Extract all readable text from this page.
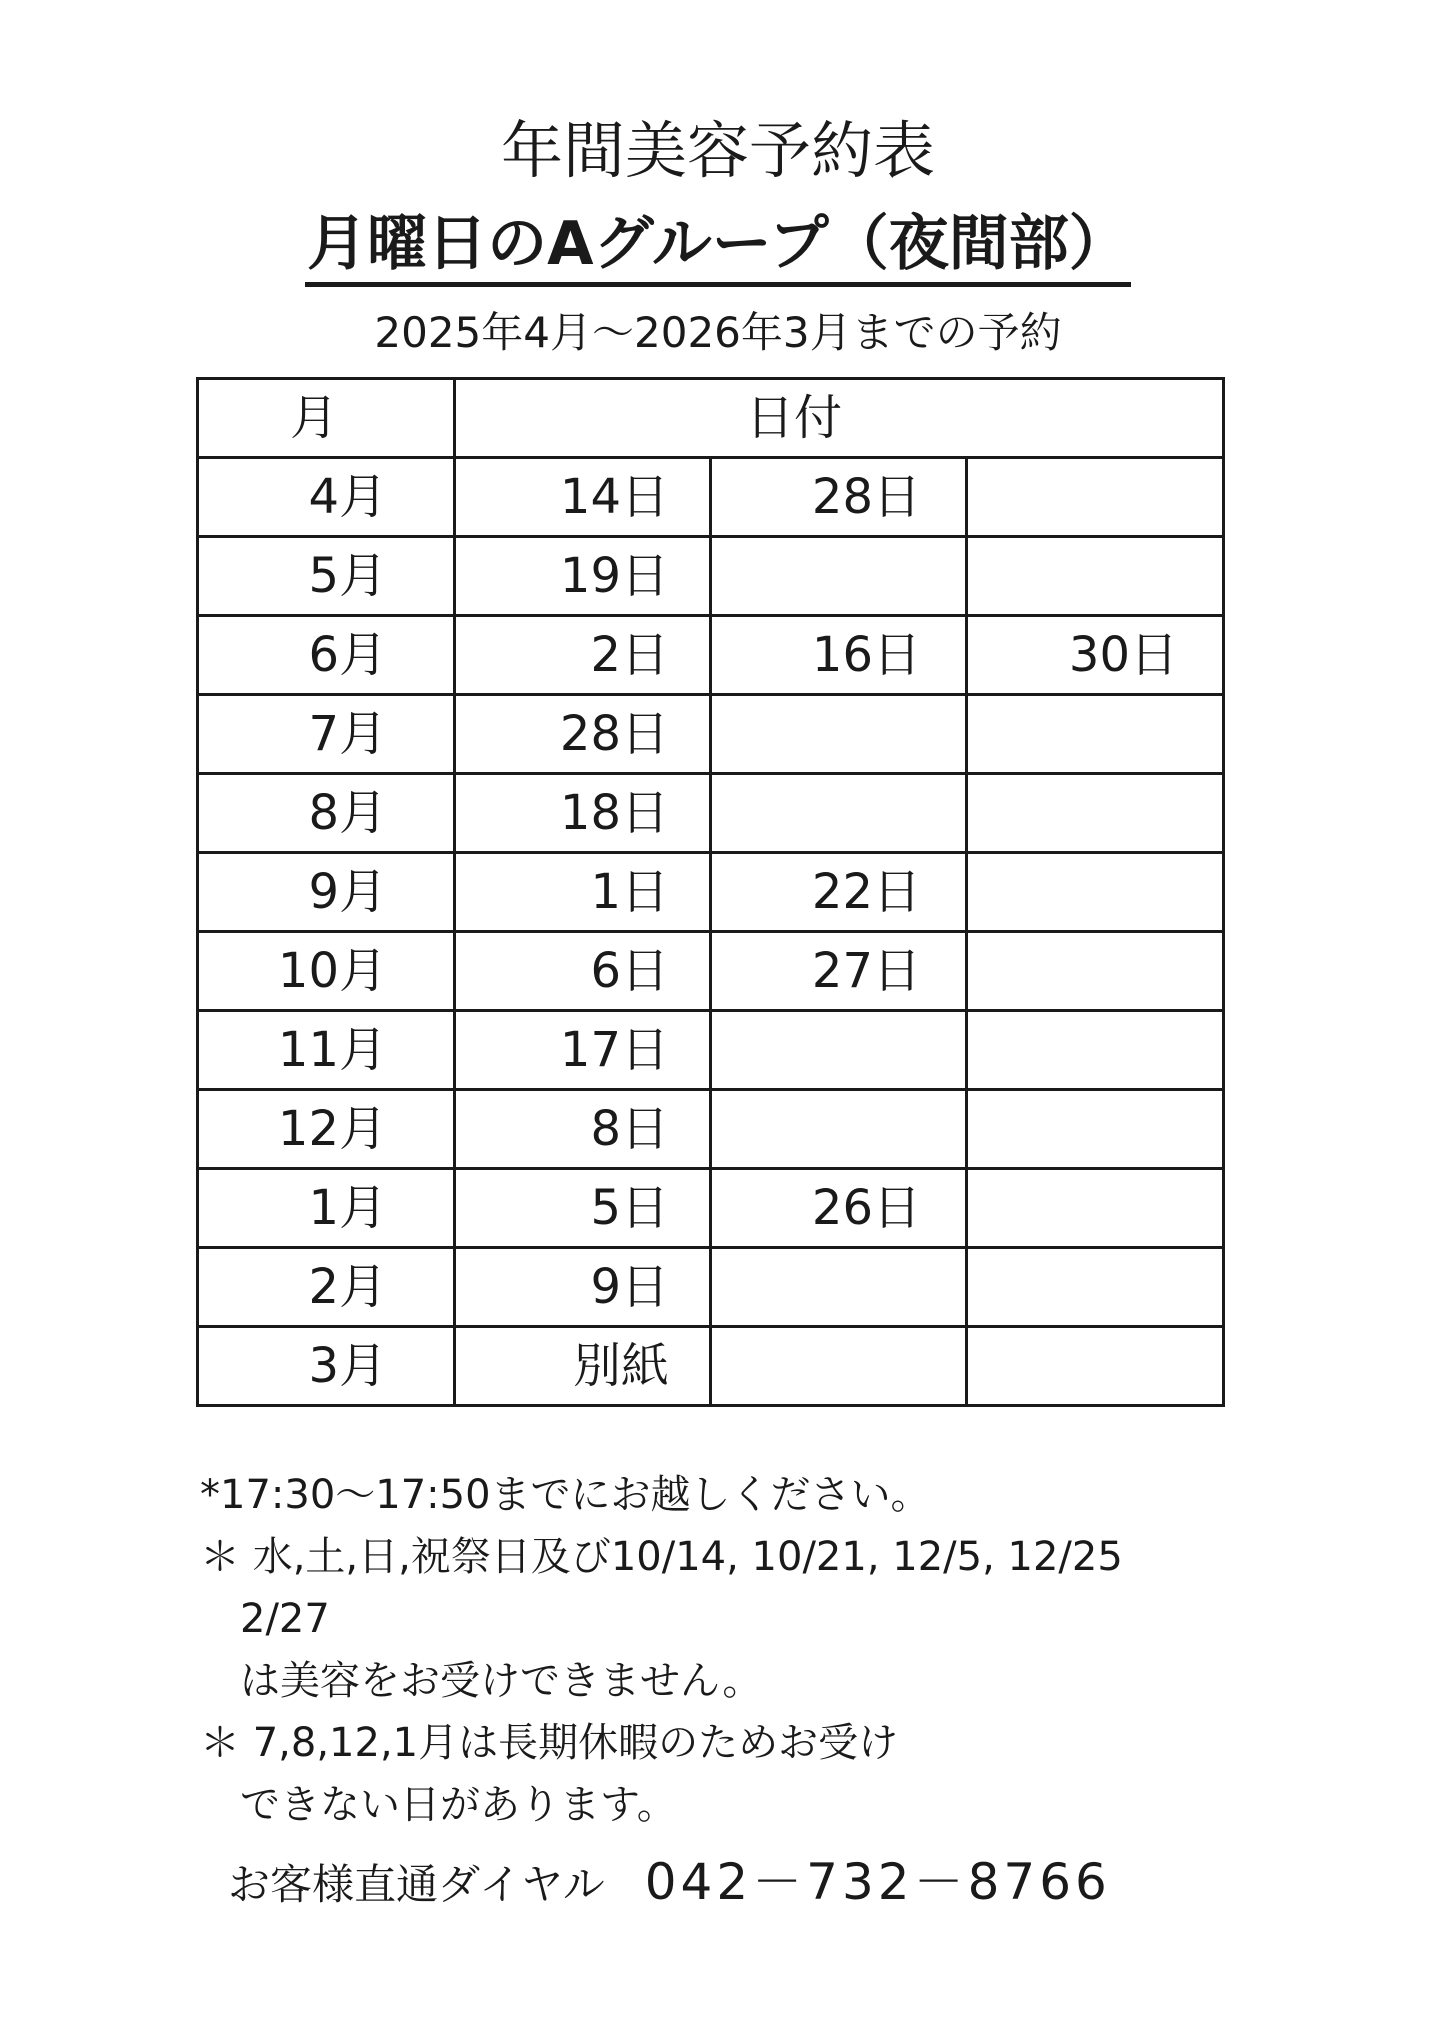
年間美容予約表
月曜日のAグループ（夜間部）
2025年4月～2026年3月までの予約
月	日付		
4月	14日	28日	
5月	19日		
6月	2日	16日	30日
7月	28日		
8月	18日		
9月	1日	22日	
10月	6日	27日	
11月	17日		
12月	8日		
1月	5日	26日	
2月	9日		
3月	別紙		
*17:30～17:50までにお越しください。
＊ 水,土,日,祝祭日及び10/14, 10/21, 12/5, 12/25
　2/27
　は美容をお受けできません。
＊ 7,8,12,1月は長期休暇のためお受け
　できない日があります。
お客様直通ダイヤル 042－732－8766
